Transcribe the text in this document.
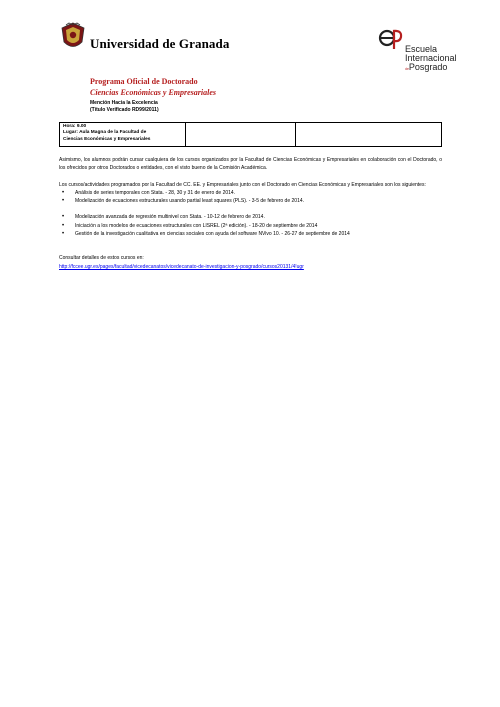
Universidad de Granada
Programa Oficial de Doctorado
Ciencias Económicas y Empresariales
Mención Hacia la Excelencia
(Título Verificado RD99/2011)
Escuela
Internacional
dePosgrado
Hora: 9.00
Lugar: Aula Magna de la Facultad de
Ciencias Económicas y Empresariales

Asimismo, los alumnos podrán cursar cualquiera de los cursos organizados por la Facultad de Ciencias Económicas y Empresariales en colaboración con el Doctorado, o los ofrecidos por otros Doctorados o entidades, con el visto bueno de la Comisión Académica.

Los cursos/actividades programados por la Facultad de CC. EE. y Empresariales junto con el Doctorado en Ciencias Económicas y Empresariales son los siguientes:

• Análisis de series temporales con Stata. - 28, 30 y 31 de enero de 2014.
• Modelización de ecuaciones estructurales usando partial least squares (PLS). - 3-5 de febrero de 2014.
• Modelización avanzada de regresión multinivel con Stata. - 10-12 de febrero de 2014.
• Iniciación a los modelos de ecuaciones estructurales con LISREL (2ª edición). - 18-20 de septiembre de 2014
• Gestión de la investigación cualitativa en ciencias sociales con ayuda del software NVivo 10. - 26-27 de septiembre de 2014
Consultar detalles de estos cursos en:
http://fccee.ugr.es/pages/facultad/vicedecanatos/vicedecanato-de-investigacion-y-posgrado/cursos20131/4!ugr
